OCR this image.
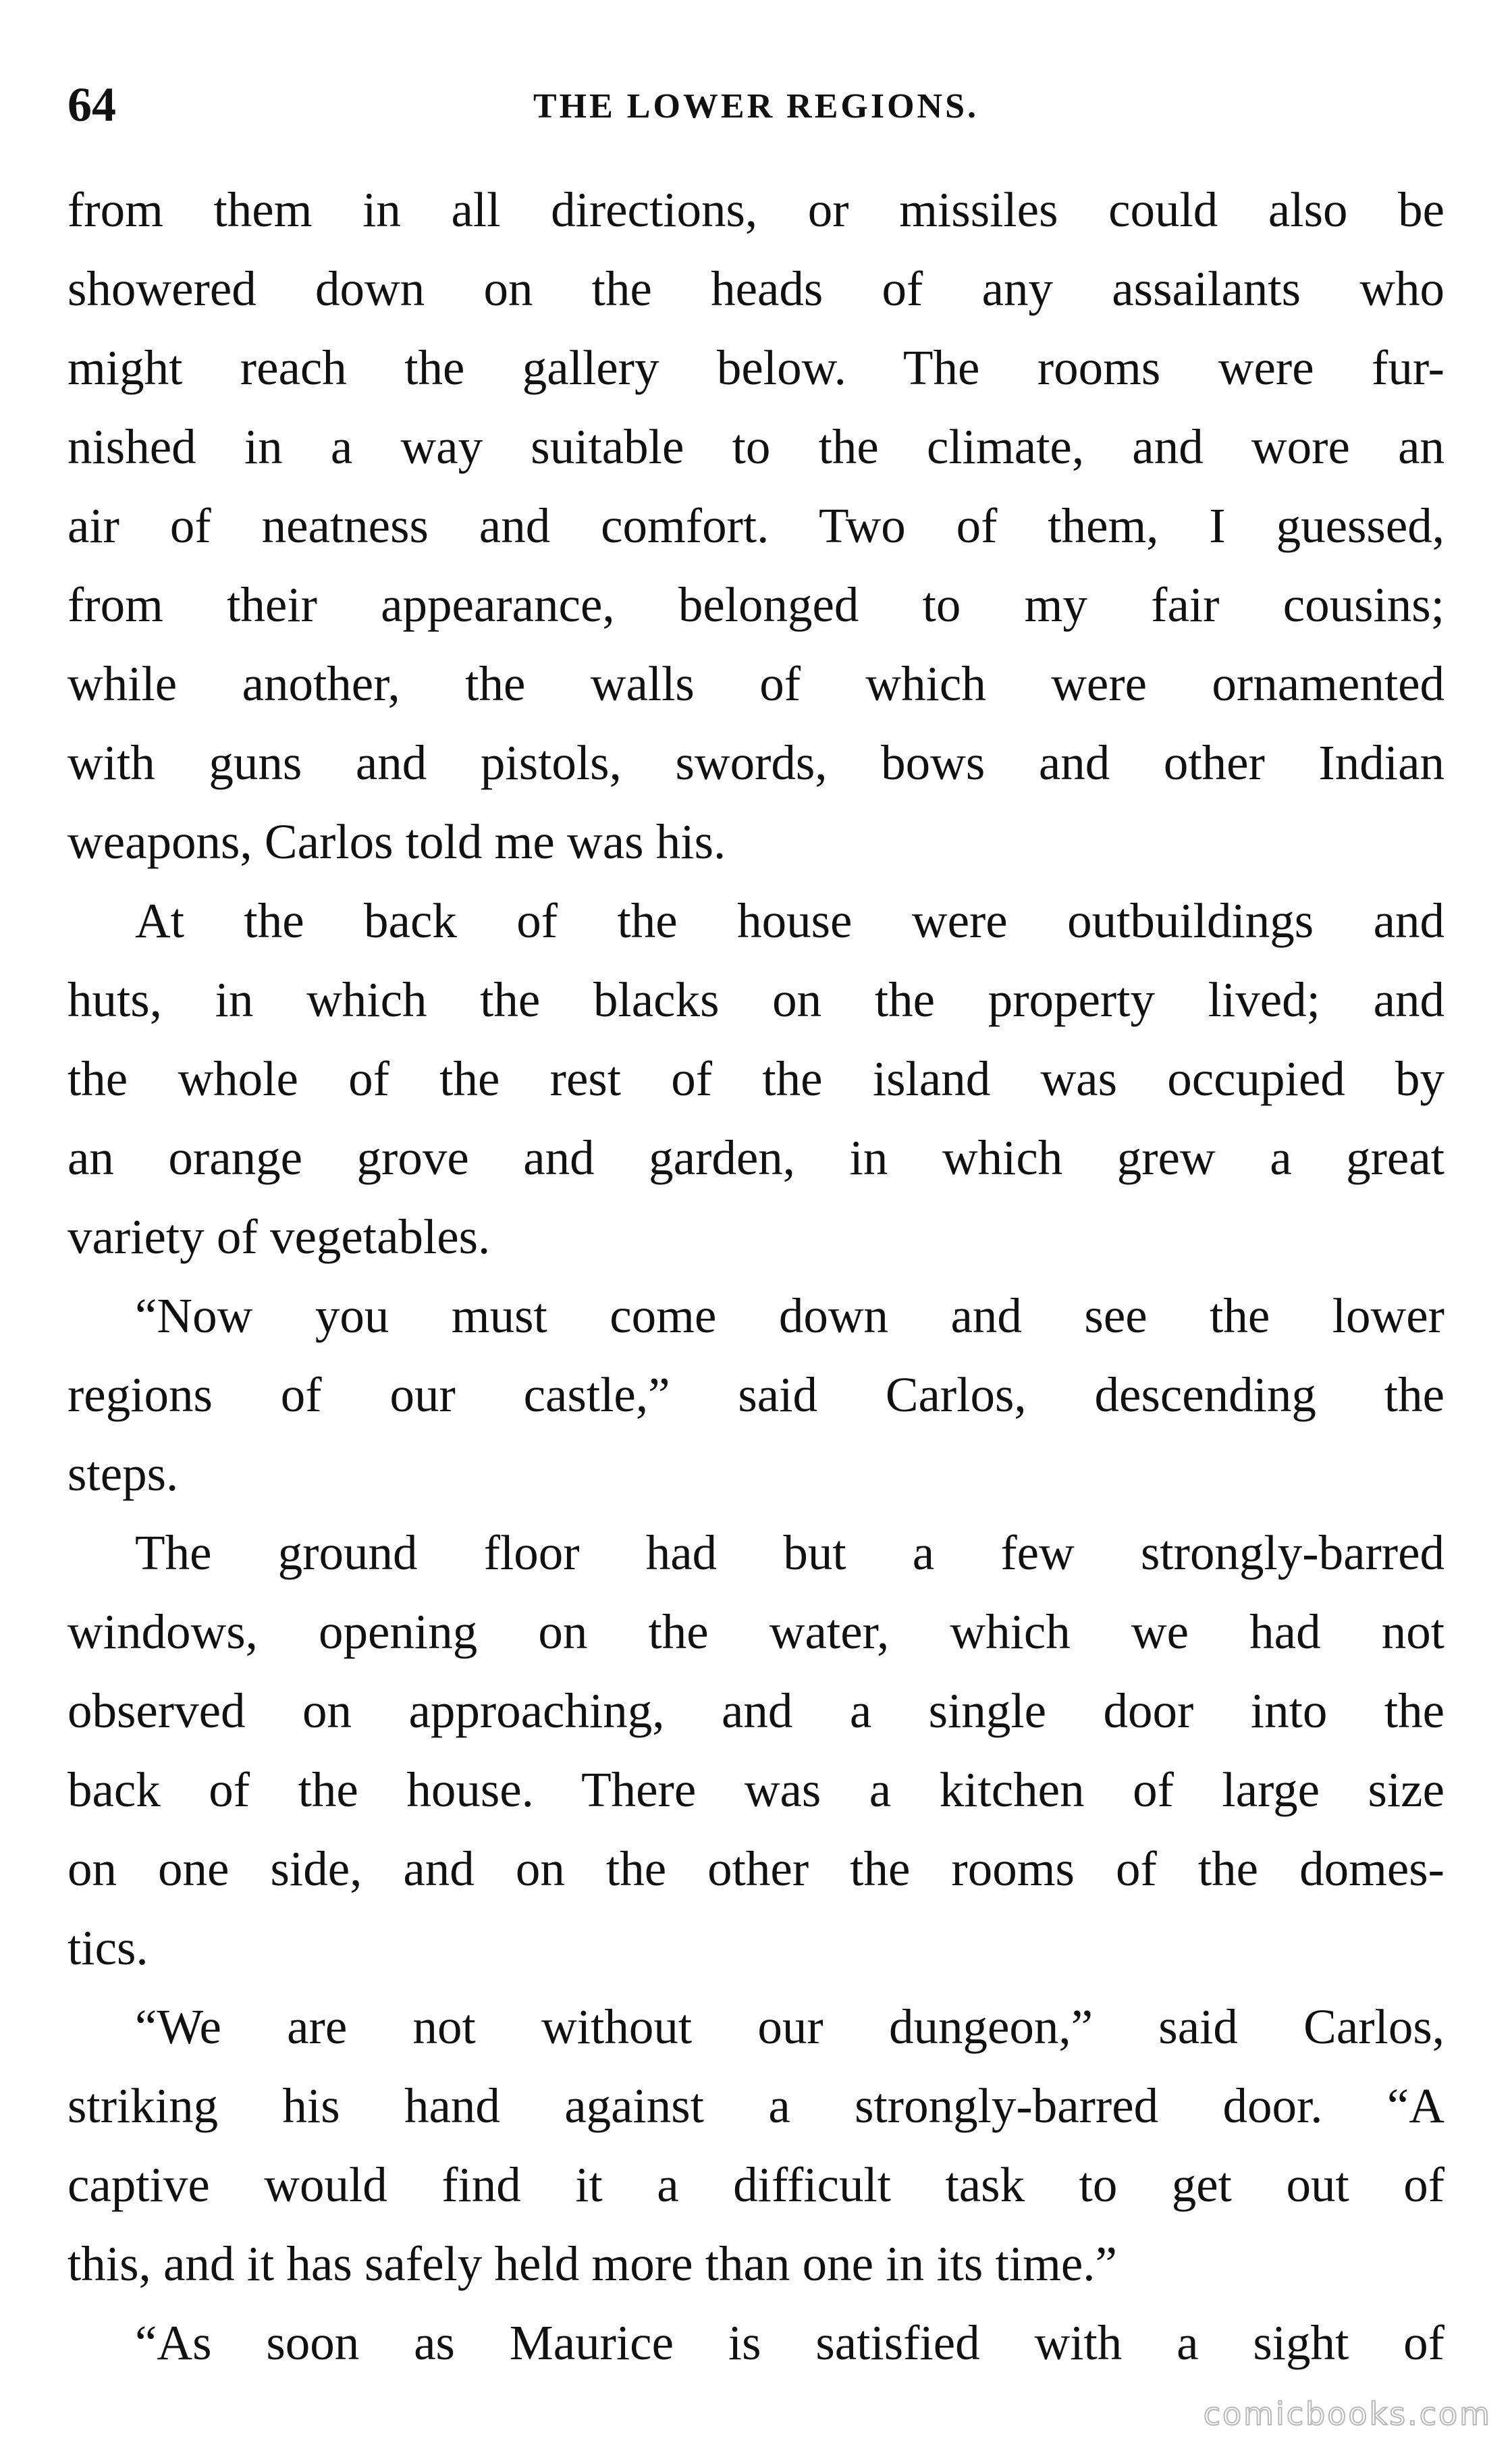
64	THE LOWER REGIONS.
from them in all directions, or missiles could also be
showered down on the heads of any assailants who
might reach the gallery below. The rooms were fur-
nished in a way suitable to the climate, and wore an
air of neatness and comfort. Two of them, I guessed,
from their appearance, belonged to my fair cousins;
while another, the walls of which were ornamented
with guns and pistols, swords, bows and other Indian
weapons, Carlos told me was his.
At the back of the house were outbuildings and
huts, in which the blacks on the property lived; and
the whole of the rest of the island was occupied by
an orange grove and garden, in which grew a great
variety of vegetables.
“Now you must come down and see the lower
regions of our castle,” said Carlos, descending the
steps.
The ground floor had but a few strongly-barred
windows, opening on the water, which we had not
observed on approaching, and a single door into the
back of the house. There was a kitchen of large size
on one side, and on the other the rooms of the domes-
tics.
“We are not without our dungeon,” said Carlos,
striking his hand against a strongly-barred door. “A
captive would find it a difficult task to get out of
this, and it has safely held more than one in its time.”
“As soon as Maurice is satisfied with a sight of
comicbooks.com
